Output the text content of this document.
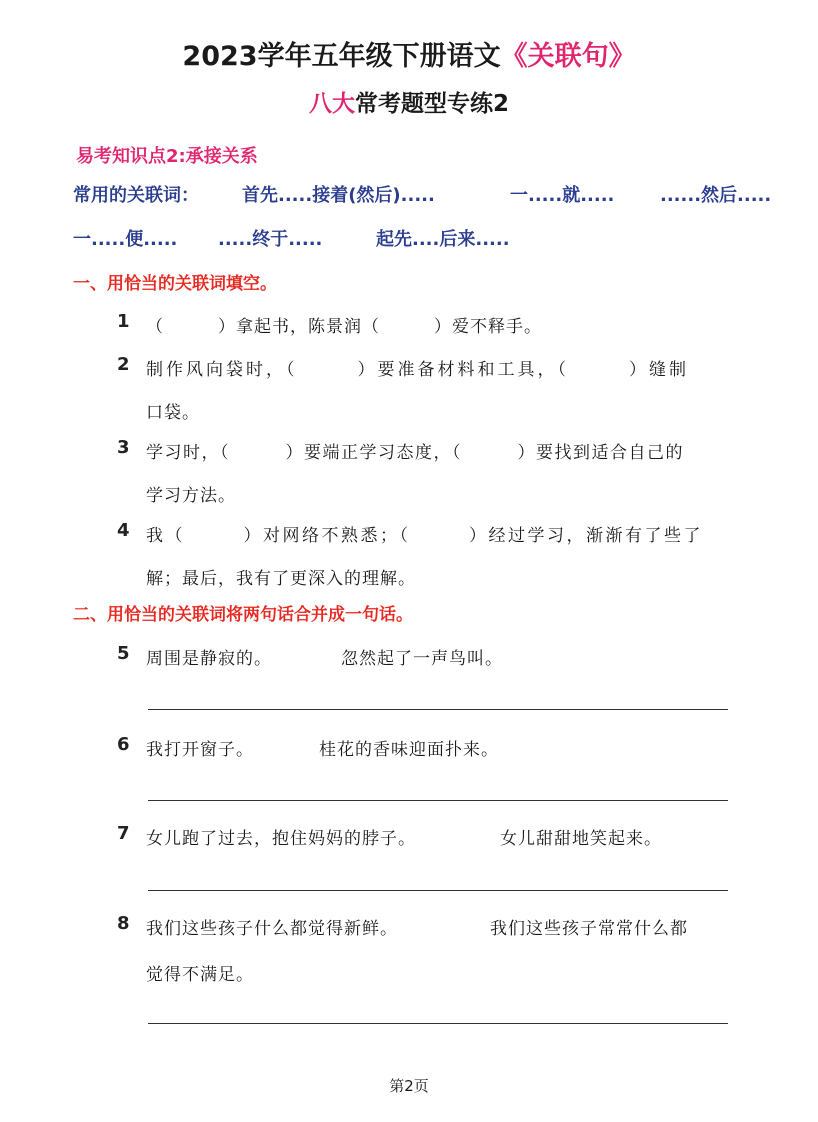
2023学年五年级下册语文《关联句》
八大常考题型专练2
易考知识点2:承接关系
常用的关联词： 首先.....接着(然后).....	一.....就.....	......然后.....
一.....便..... .....终于.....	起先....后来.....
一、用恰当的关联词填空。
1 （　　　）拿起书，陈景润（　　　）爱不释手。
2 制作风向袋时，（　　　）要准备材料和工具，（　　　）缝制
口袋。
3 学习时，（　　　）要端正学习态度，（　　　）要找到适合自己的
学习方法。
4 我（　　　）对网络不熟悉；（　　　）经过学习，渐渐有了些了
解；最后，我有了更深入的理解。
二、用恰当的关联词将两句话合并成一句话。
5 周围是静寂的。	忽然起了一声鸟叫。
6 我打开窗子。	桂花的香味迎面扑来。
7 女儿跑了过去，抱住妈妈的脖子。	女儿甜甜地笑起来。
8 我们这些孩子什么都觉得新鲜。	我们这些孩子常常什么都
觉得不满足。
第2页
